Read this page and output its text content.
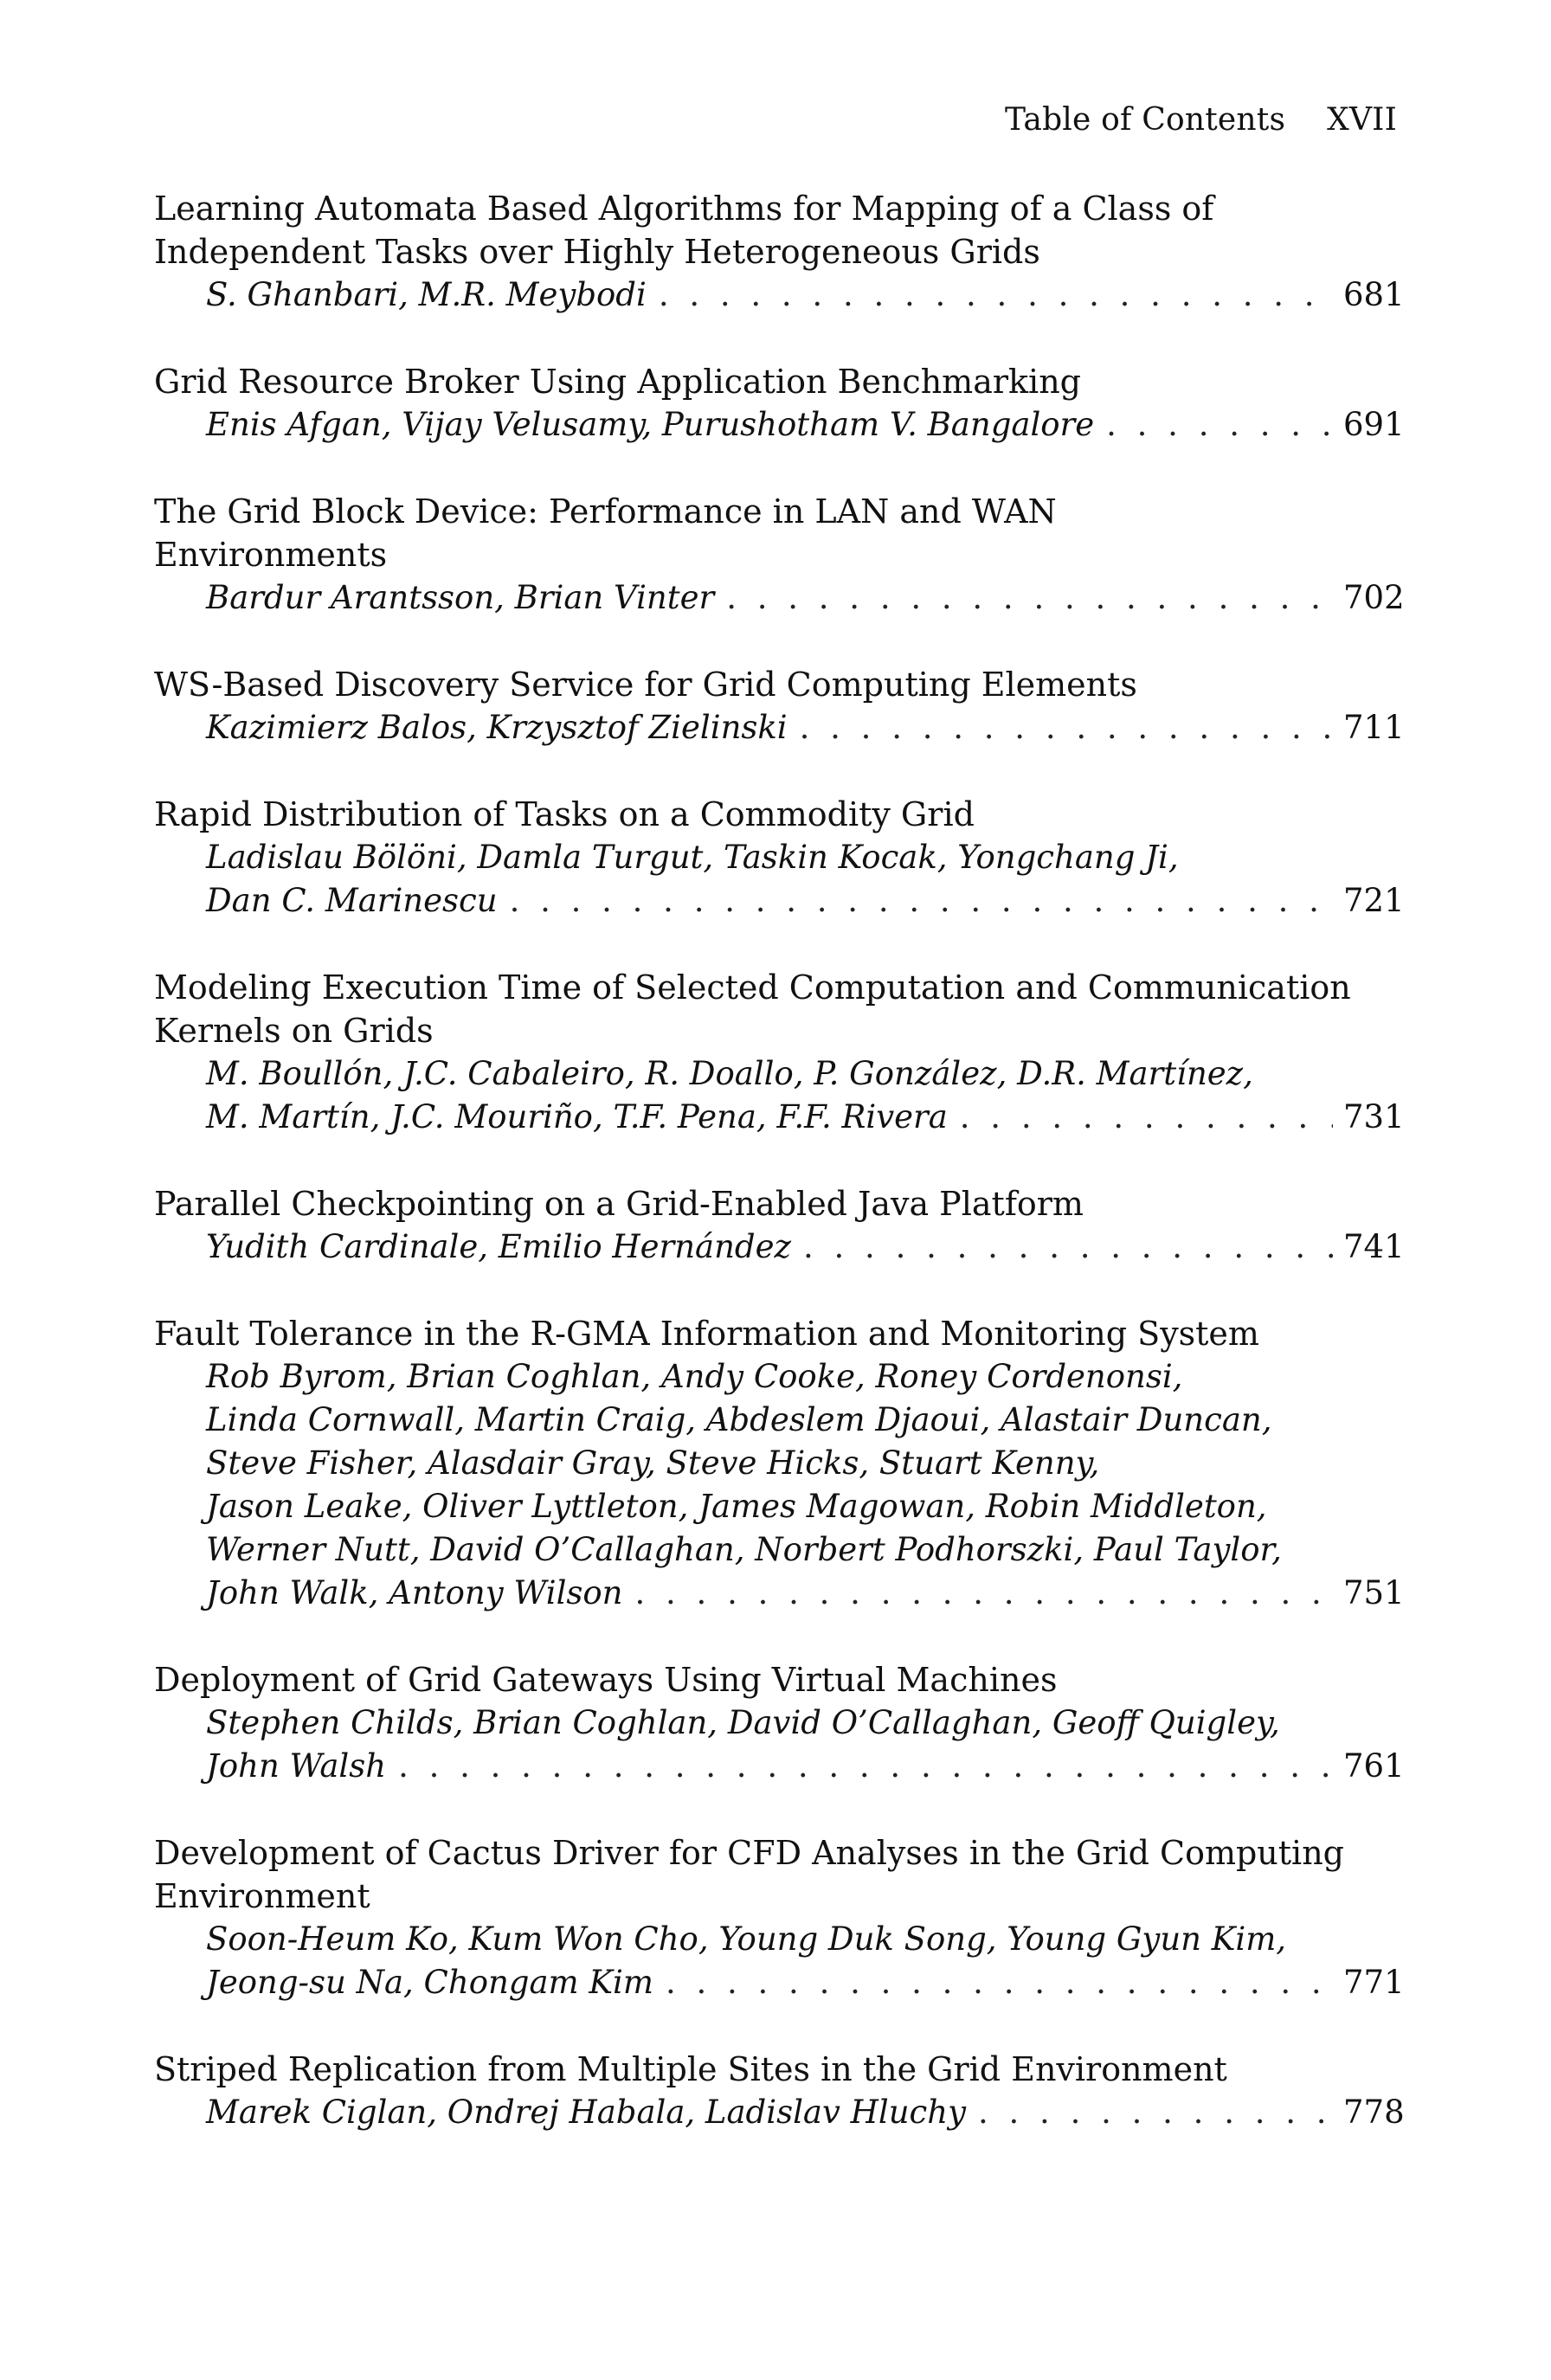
Table of Contents XVII
Learning Automata Based Algorithms for Mapping of a Class of
Independent Tasks over Highly Heterogeneous Grids
S. Ghanbari, M.R. Meybodi . . .	681
Grid Resource Broker Using Application Benchmarking
Enis Afgan, Vijay Velusamy, Purushotham V. Bangalore . . .	691
The Grid Block Device: Performance in LAN and WAN
Environments
Bardur Arantsson, Brian Vinter . . .	702
WS-Based Discovery Service for Grid Computing Elements
Kazimierz Balos, Krzysztof Zielinski . . .	711
Rapid Distribution of Tasks on a Commodity Grid
Ladislau Bölöni, Damla Turgut, Taskin Kocak, Yongchang Ji,
Dan C. Marinescu . . .	721
Modeling Execution Time of Selected Computation and Communication
Kernels on Grids
M. Boullón, J.C. Cabaleiro, R. Doallo, P. González, D.R. Martínez,
M. Martín, J.C. Mouriño, T.F. Pena, F.F. Rivera . . .	731
Parallel Checkpointing on a Grid-Enabled Java Platform
Yudith Cardinale, Emilio Hernández . . .	741
Fault Tolerance in the R-GMA Information and Monitoring System
Rob Byrom, Brian Coghlan, Andy Cooke, Roney Cordenonsi,
Linda Cornwall, Martin Craig, Abdeslem Djaoui, Alastair Duncan,
Steve Fisher, Alasdair Gray, Steve Hicks, Stuart Kenny,
Jason Leake, Oliver Lyttleton, James Magowan, Robin Middleton,
Werner Nutt, David O’Callaghan, Norbert Podhorszki, Paul Taylor,
John Walk, Antony Wilson . . .	751
Deployment of Grid Gateways Using Virtual Machines
Stephen Childs, Brian Coghlan, David O’Callaghan, Geoff Quigley,
John Walsh . . .	761
Development of Cactus Driver for CFD Analyses in the Grid Computing
Environment
Soon-Heum Ko, Kum Won Cho, Young Duk Song, Young Gyun Kim,
Jeong-su Na, Chongam Kim . . .	771
Striped Replication from Multiple Sites in the Grid Environment
Marek Ciglan, Ondrej Habala, Ladislav Hluchy . . .	778
